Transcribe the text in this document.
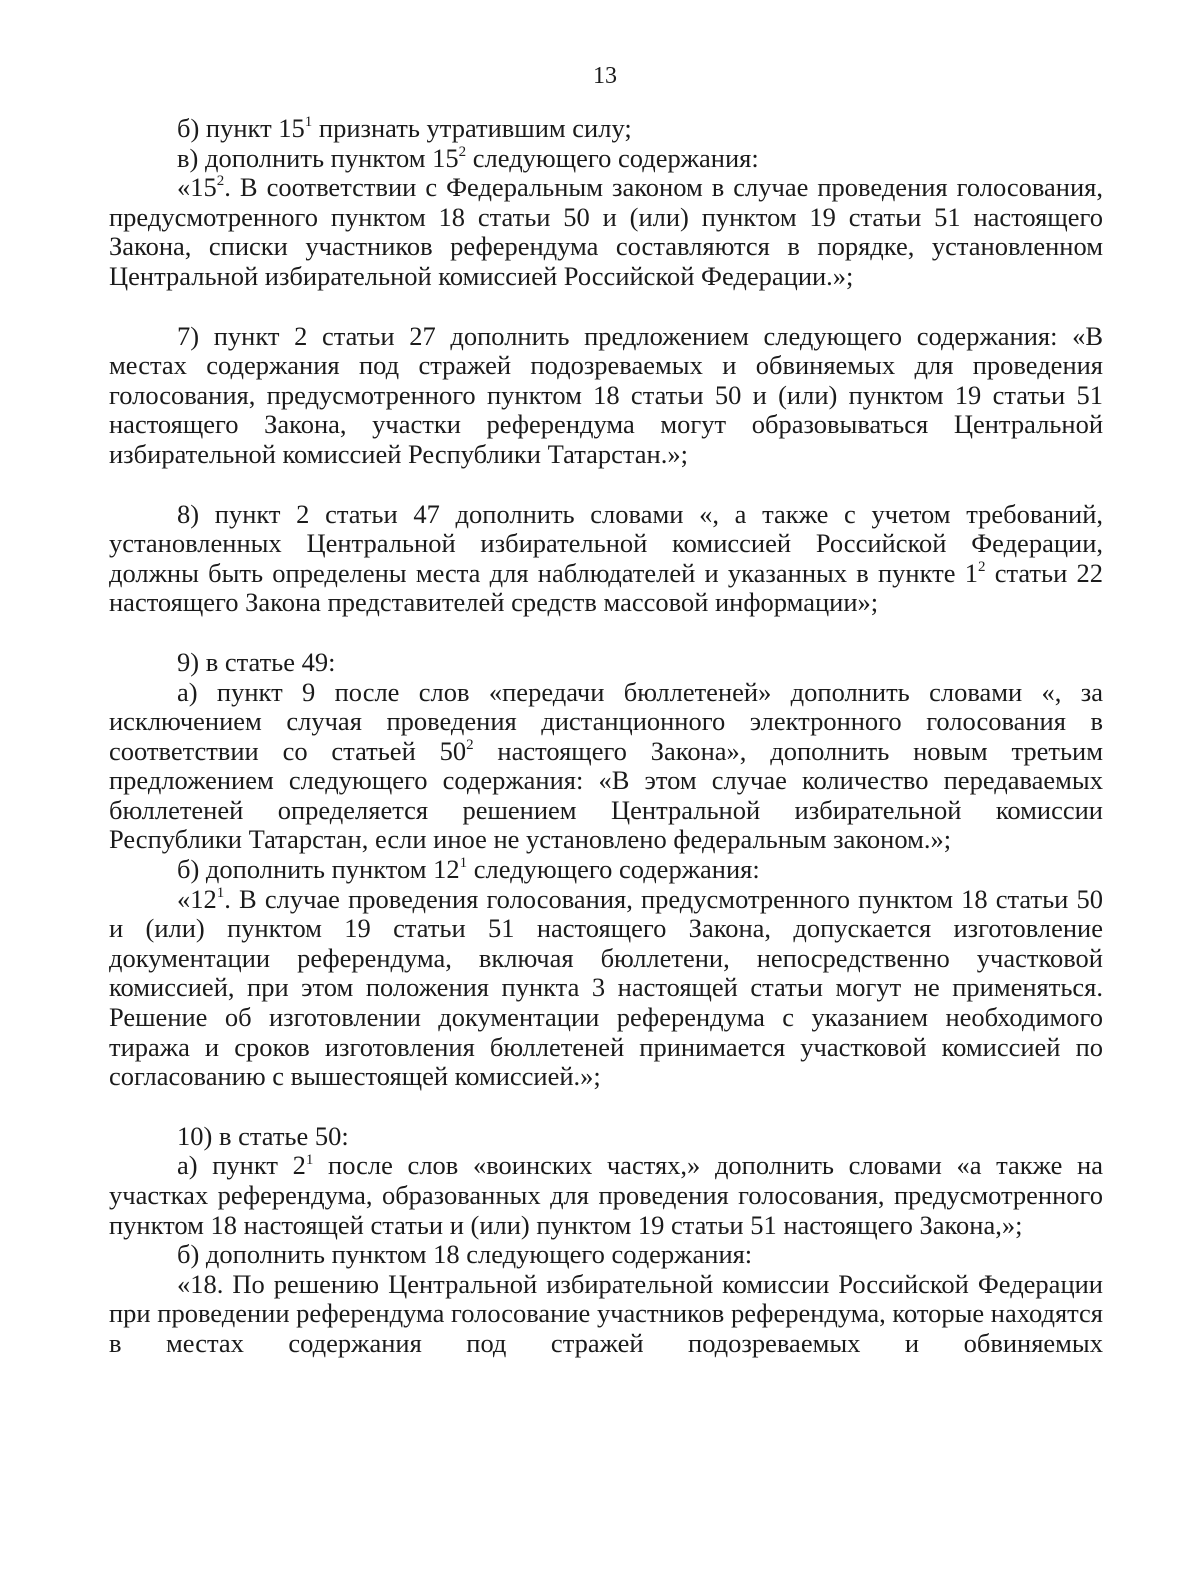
13

б) пункт $15^1$ признать утратившим силу;

в) дополнить пунктом $15^2$ следующего содержания:

«$15^2$. В соответствии с Федеральным законом в случае проведения голосования, предусмотренного пунктом 18 статьи 50 и (или) пунктом 19 статьи 51 настоящего Закона, списки участников референдума составляются в порядке, установленном Центральной избирательной комиссией Российской Федерации.»;

7) пункт 2 статьи 27 дополнить предложением следующего содержания: «В местах содержания под стражей подозреваемых и обвиняемых для проведения голосования, предусмотренного пунктом 18 статьи 50 и (или) пунктом 19 статьи 51 настоящего Закона, участки референдума могут образовываться Центральной избирательной комиссией Республики Татарстан.»;

8) пункт 2 статьи 47 дополнить словами «, а также с учетом требований, установленных Центральной избирательной комиссией Российской Федерации, должны быть определены места для наблюдателей и указанных в пункте $1^2$ статьи 22 настоящего Закона представителей средств массовой информации»;

9) в статье 49:

а) пункт 9 после слов «передачи бюллетеней» дополнить словами «, за исключением случая проведения дистанционного электронного голосования в соответствии со статьей $50^2$ настоящего Закона», дополнить новым третьим предложением следующего содержания: «В этом случае количество передаваемых бюллетеней определяется решением Центральной избирательной комиссии Республики Татарстан, если иное не установлено федеральным законом.»;

б) дополнить пунктом $12^1$ следующего содержания:

«$12^1$. В случае проведения голосования, предусмотренного пунктом 18 статьи 50 и (или) пунктом 19 статьи 51 настоящего Закона, допускается изготовление документации референдума, включая бюллетени, непосредственно участковой комиссией, при этом положения пункта 3 настоящей статьи могут не применяться. Решение об изготовлении документации референдума с указанием необходимого тиража и сроков изготовления бюллетеней принимается участковой комиссией по согласованию с вышестоящей комиссией.»;

10) в статье 50:

а) пункт $2^1$ после слов «воинских частях,» дополнить словами «а также на участках референдума, образованных для проведения голосования, предусмотренного пунктом 18 настоящей статьи и (или) пунктом 19 статьи 51 настоящего Закона,»;

б) дополнить пунктом 18 следующего содержания:

«18. По решению Центральной избирательной комиссии Российской Федерации при проведении референдума голосование участников референдума, которые находятся в местах содержания под стражей подозреваемых и обвиняемых
